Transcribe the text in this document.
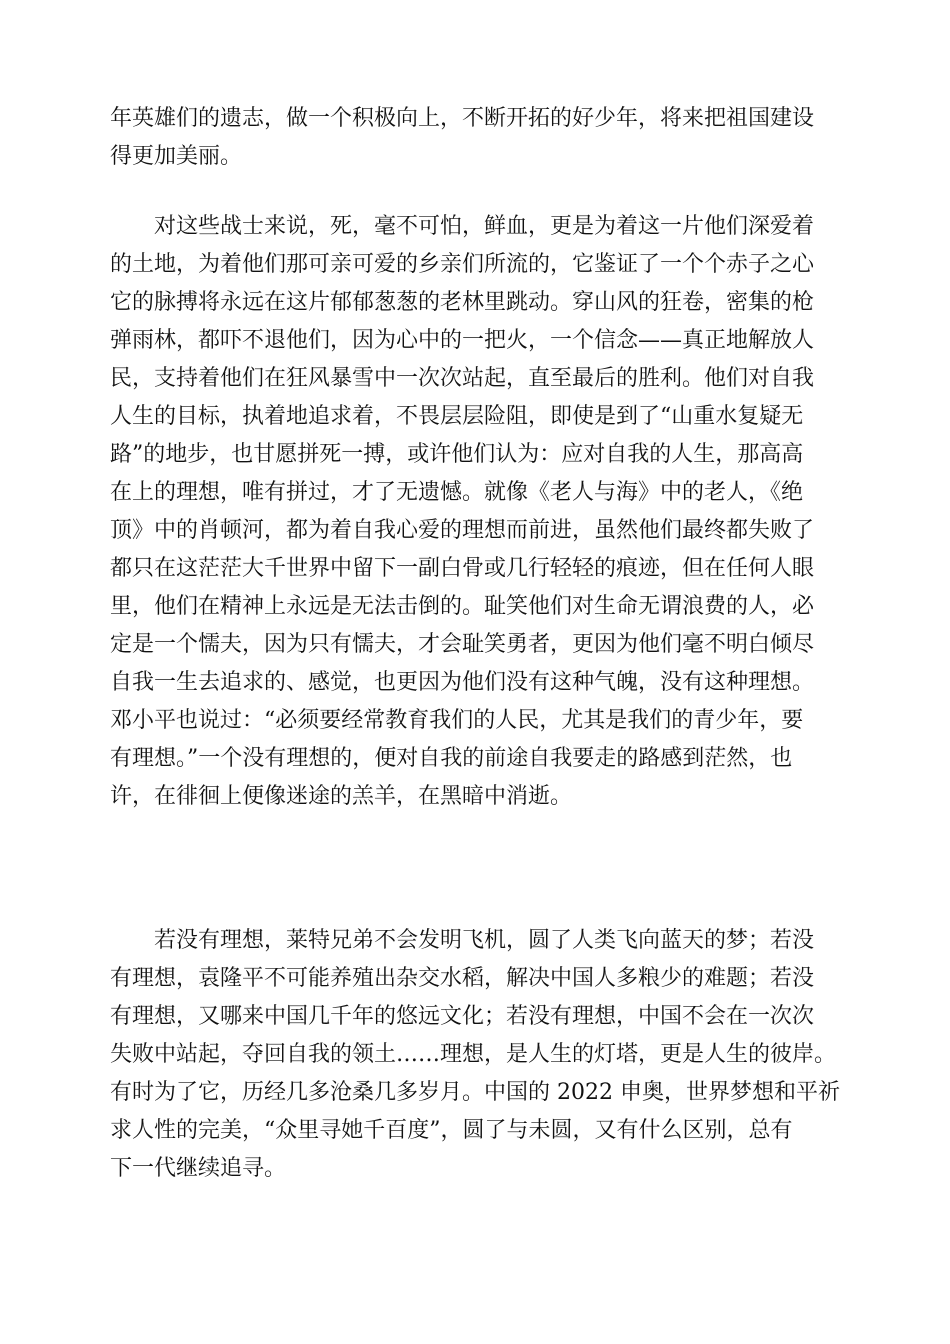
年英雄们的遗志，做一个积极向上，不断开拓的好少年，将来把祖国建设
得更加美丽。
　　对这些战士来说，死，毫不可怕，鲜血，更是为着这一片他们深爱着
的土地，为着他们那可亲可爱的乡亲们所流的，它鉴证了一个个赤子之心
它的脉搏将永远在这片郁郁葱葱的老林里跳动。穿山风的狂卷，密集的枪
弹雨林，都吓不退他们，因为心中的一把火，一个信念——真正地解放人
民，支持着他们在狂风暴雪中一次次站起，直至最后的胜利。他们对自我
人生的目标，执着地追求着，不畏层层险阻，即使是到了“山重水复疑无
路”的地步，也甘愿拼死一搏，或许他们认为：应对自我的人生，那高高
在上的理想，唯有拼过，才了无遗憾。就像《老人与海》中的老人，《绝
顶》中的肖顿河，都为着自我心爱的理想而前进，虽然他们最终都失败了
都只在这茫茫大千世界中留下一副白骨或几行轻轻的痕迹，但在任何人眼
里，他们在精神上永远是无法击倒的。耻笑他们对生命无谓浪费的人，必
定是一个懦夫，因为只有懦夫，才会耻笑勇者，更因为他们毫不明白倾尽
自我一生去追求的、感觉，也更因为他们没有这种气魄，没有这种理想。
邓小平也说过：“必须要经常教育我们的人民，尤其是我们的青少年，要
有理想。”一个没有理想的，便对自我的前途自我要走的路感到茫然，也
许，在徘徊上便像迷途的羔羊，在黑暗中消逝。
　　若没有理想，莱特兄弟不会发明飞机，圆了人类飞向蓝天的梦；若没
有理想，袁隆平不可能养殖出杂交水稻，解决中国人多粮少的难题；若没
有理想，又哪来中国几千年的悠远文化；若没有理想，中国不会在一次次
失败中站起，夺回自我的领土……理想，是人生的灯塔，更是人生的彼岸。
有时为了它，历经几多沧桑几多岁月。中国的 2022 申奥，世界梦想和平祈
求人性的完美，“众里寻她千百度”，圆了与未圆，又有什么区别，总有
下一代继续追寻。
